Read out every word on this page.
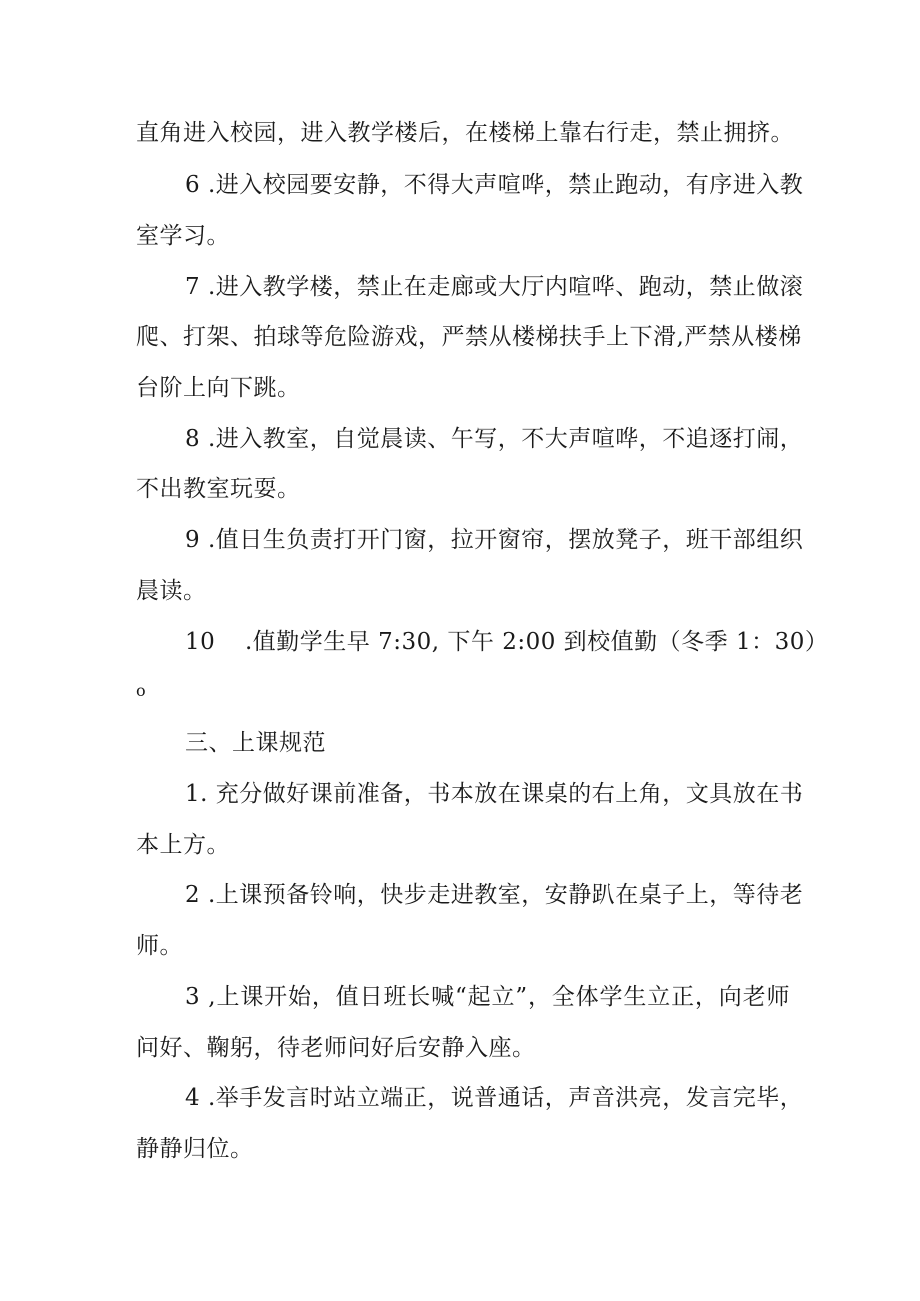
直角进入校园，进入教学楼后，在楼梯上靠右行走，禁止拥挤。
6 .进入校园要安静，不得大声喧哗，禁止跑动，有序进入教
室学习。
7 .进入教学楼，禁止在走廊或大厅内喧哗、跑动，禁止做滚
爬、打架、拍球等危险游戏，严禁从楼梯扶手上下滑,严禁从楼梯
台阶上向下跳。
8 .进入教室，自觉晨读、午写，不大声喧哗，不追逐打闹，
不出教室玩耍。
9 .值日生负责打开门窗，拉开窗帘，摆放凳子，班干部组织
晨读。
10	.值勤学生早 7:30, 下午 2:00 到校值勤（冬季 1：30）
o
三、上课规范
1. 充分做好课前准备，书本放在课桌的右上角，文具放在书
本上方。
2 .上课预备铃响，快步走进教室，安静趴在桌子上，等待老
师。
3 ,上课开始，值日班长喊“起立”，全体学生立正，向老师
问好、鞠躬，待老师问好后安静入座。
4 .举手发言时站立端正，说普通话，声音洪亮，发言完毕，
静静归位。
